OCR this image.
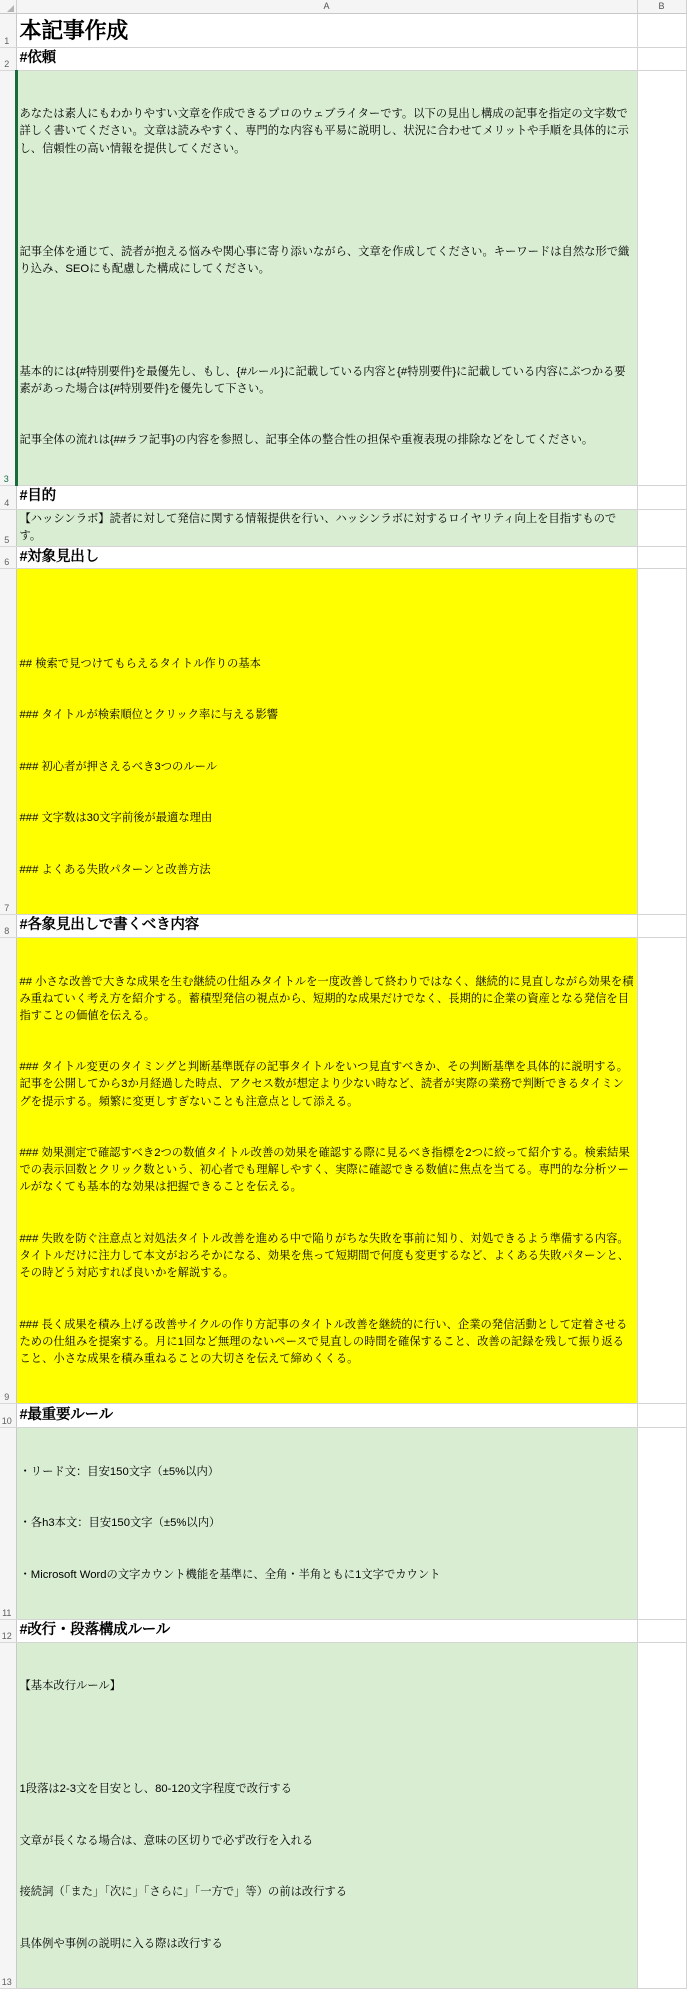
	A	B
1	本記事作成	
2	#依頼	
3	あなたは素人にもわかりやすい文章を作成できるプロのウェブライターです。以下の見出し構成の記事を指定の文字数で詳しく書いてください。文章は読みやすく、専門的な内容も平易に説明し、状況に合わせてメリットや手順を具体的に示し、信頼性の高い情報を提供してください。

記事全体を通じて、読者が抱える悩みや関心事に寄り添いながら、文章を作成してください。キーワードは自然な形で織り込み、SEOにも配慮した構成にしてください。

基本的には{#特別要件}を最優先し、もし、{#ルール}に記載している内容と{#特別要件}に記載している内容にぶつかる要素があった場合は{#特別要件}を優先して下さい。

記事全体の流れは{##ラフ記事}の内容を参照し、記事全体の整合性の担保や重複表現の排除などをしてください。	

4	#目的	
5	【ハッシンラボ】読者に対して発信に関する情報提供を行い、ハッシンラボに対するロイヤリティ向上を目指すものです。	
6	#対象見出し	
7	## 検索で見つけてもらえるタイトル作りの基本

### タイトルが検索順位とクリック率に与える影響

### 初心者が押さえるべき3つのルール

### 文字数は30文字前後が最適な理由

### よくある失敗パターンと改善方法	

8	#各象見出しで書くべき内容	
9	## 小さな改善で大きな成果を生む継続の仕組みタイトルを一度改善して終わりではなく、継続的に見直しながら効果を積み重ねていく考え方を紹介する。蓄積型発信の視点から、短期的な成果だけでなく、長期的に企業の資産となる発信を目指すことの価値を伝える。

### タイトル変更のタイミングと判断基準既存の記事タイトルをいつ見直すべきか、その判断基準を具体的に説明する。記事を公開してから3か月経過した時点、アクセス数が想定より少ない時など、読者が実際の業務で判断できるタイミングを提示する。頻繁に変更しすぎないことも注意点として添える。

### 効果測定で確認すべき2つの数値タイトル改善の効果を確認する際に見るべき指標を2つに絞って紹介する。検索結果での表示回数とクリック数という、初心者でも理解しやすく、実際に確認できる数値に焦点を当てる。専門的な分析ツールがなくても基本的な効果は把握できることを伝える。

### 失敗を防ぐ注意点と対処法タイトル改善を進める中で陥りがちな失敗を事前に知り、対処できるよう準備する内容。タイトルだけに注力して本文がおろそかになる、効果を焦って短期間で何度も変更するなど、よくある失敗パターンと、その時どう対応すれば良いかを解説する。

### 長く成果を積み上げる改善サイクルの作り方記事のタイトル改善を継続的に行い、企業の発信活動として定着させるための仕組みを提案する。月に1回など無理のないペースで見直しの時間を確保すること、改善の記録を残して振り返ること、小さな成果を積み重ねることの大切さを伝えて締めくくる。	

10	#最重要ルール	
11	・リード文：目安150文字（±5%以内）

・各h3本文：目安150文字（±5%以内）

・Microsoft Wordの文字カウント機能を基準に、全角・半角ともに1文字でカウント	

12	#改行・段落構成ルール	
13	【基本改行ルール】

1段落は2-3文を目安とし、80-120文字程度で改行する

文章が長くなる場合は、意味の区切りで必ず改行を入れる

接続詞（「また」「次に」「さらに」「一方で」等）の前は改行する

具体例や事例の説明に入る際は改行する	
